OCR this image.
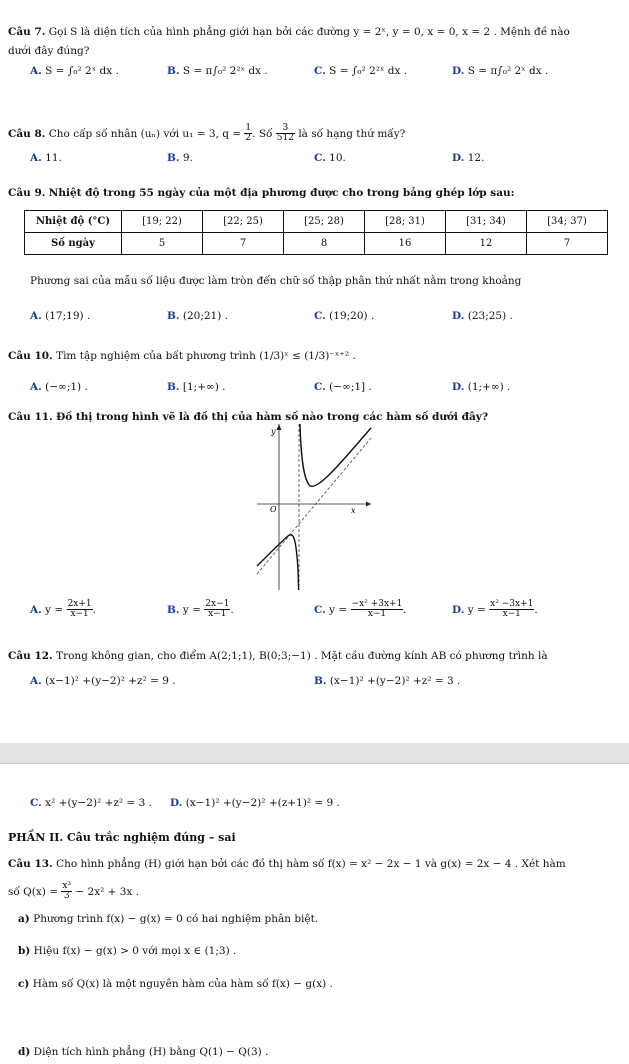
Câu 7. Gọi S là diện tích của hình phẳng giới hạn bởi các đường y = 2ˣ, y = 0, x = 0, x = 2 . Mệnh đề nào
dưới đây đúng?
A. S = ∫₀² 2ˣ dx .	B. S = π∫₀² 2²ˣ dx .	C. S = ∫₀² 2²ˣ dx .	D. S = π∫₀² 2ˣ dx .
Câu 8. Cho cấp số nhân (uₙ) với u₁ = 3, $q = \frac{1}{2}$ . Số $\frac{3}{512}$ là số hạng thứ mấy?
A. 11.	B. 9.	C. 10.	D. 12.
Câu 9. Nhiệt độ trong 55 ngày của một địa phương được cho trong bảng ghép lớp sau:
Nhiệt độ (°C)	[19; 22)	[22; 25)	[25; 28)	[28; 31)	[31; 34)	[34; 37)
Số ngày	5	7	8	16	12	7
Phương sai của mẫu số liệu được làm tròn đến chữ số thập phân thứ nhất nằm trong khoảng
A. (17;19) .	B. (20;21) .	C. (19;20) .	D. (23;25) .
Câu 10. Tìm tập nghiệm của bất phương trình (1/3)ˣ ≤ (1/3)⁻ˣ⁺² .
A. (−∞;1) .	B. [1;+∞) .	C. (−∞;1] .	D. (1;+∞) .
Câu 11. Đồ thị trong hình vẽ là đồ thị của hàm số nào trong các hàm số dưới đây?
y
O	x
A. $y = \frac{2x+1}{x-1}$ .	B. $y = \frac{2x-1}{x-1}$ .	C. $y = \frac{\text{−x² +3x+1}}{x-1}$ .	D. $y = \frac{\text{x² −3x+1}}{x-1}$ .
Câu 12. Trong không gian, cho điểm A(2;1;1), B(0;3;−1) . Mặt cầu đường kính AB có phương trình là
A. (x−1)² +(y−2)² +z² = 9 .	B. (x−1)² +(y−2)² +z² = 3 .
C. x² +(y−2)² +z² = 3 . D. (x−1)² +(y−2)² +(z+1)² = 9 .
PHẦN II. Câu trắc nghiệm đúng – sai
Câu 13. Cho hình phẳng (H) giới hạn bởi các đồ thị hàm số f(x) = x² − 2x − 1 và g(x) = 2x − 4 . Xét hàm
số $Q(x) = \frac{\text{x³}}{3} - 2x^2 + 3x$ .
a) Phương trình f(x) − g(x) = 0 có hai nghiệm phân biệt.
b) Hiệu f(x) − g(x) > 0 với mọi x ∈ (1;3) .
c) Hàm số Q(x) là một nguyên hàm của hàm số f(x) − g(x) .
d) Diện tích hình phẳng (H) bằng Q(1) − Q(3) .
